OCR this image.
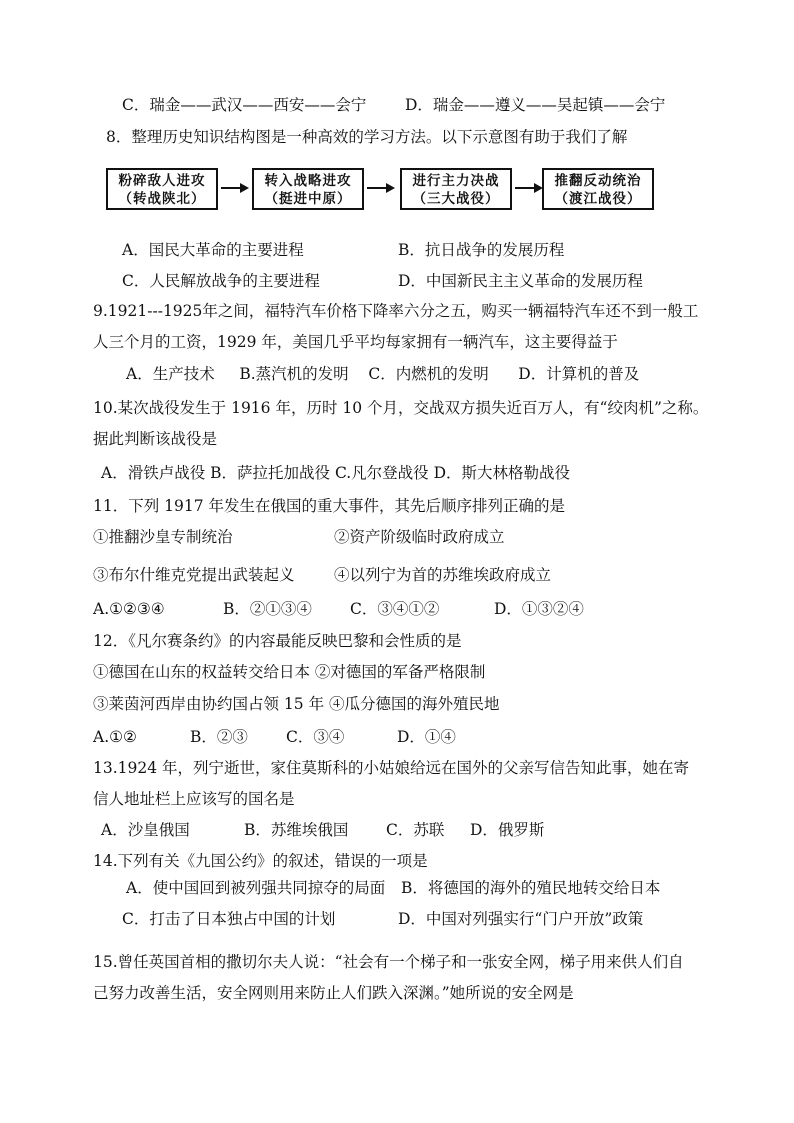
C．瑞金——武汉——西安——会宁 D．瑞金——遵义——吴起镇——会宁
8．整理历史知识结构图是一种高效的学习方法。以下示意图有助于我们了解
粉碎敌人进攻
（转战陕北）
转入战略进攻
（挺进中原）
进行主力决战
（三大战役）
推翻反动统治
（渡江战役）
A．国民大革命的主要进程	B．抗日战争的发展历程
C．人民解放战争的主要进程	D．中国新民主主义革命的发展历程
9.1921---1925年之间，福特汽车价格下降率六分之五，购买一辆福特汽车还不到一般工
人三个月的工资，1929 年，美国几乎平均每家拥有一辆汽车，这主要得益于
A．生产技术     B.蒸汽机的发明    C．内燃机的发明      D．计算机的普及
10.某次战役发生于 1916 年，历时 10 个月，交战双方损失近百万人，有“绞肉机”之称。
据此判断该战役是
A．滑铁卢战役 B．萨拉托加战役 C.凡尔登战役 D．斯大林格勒战役
11．下列 1917 年发生在俄国的重大事件，其先后顺序排列正确的是
①推翻沙皇专制统治	②资产阶级临时政府成立
③布尔什维克党提出武装起义	④以列宁为首的苏维埃政府成立
A.①②③④	B．②①③④ C．③④①②	D．①③②④
12．《凡尔赛条约》的内容最能反映巴黎和会性质的是
①德国在山东的权益转交给日本 ②对德国的军备严格限制
③莱茵河西岸由协约国占领 15 年 ④瓜分德国的海外殖民地
A.①②	B．②③ C．③④	D．①④
13.1924 年，列宁逝世，家住莫斯科的小姑娘给远在国外的父亲写信告知此事，她在寄
信人地址栏上应该写的国名是
A．沙皇俄国	B．苏维埃俄国 C．苏联 D．俄罗斯
14.下列有关《九国公约》的叙述，错误的一项是
A．使中国回到被列强共同掠夺的局面 B．将德国的海外的殖民地转交给日本
C．打击了日本独占中国的计划	D．中国对列强实行“门户开放”政策
15.曾任英国首相的撒切尔夫人说：“社会有一个梯子和一张安全网，梯子用来供人们自
己努力改善生活，安全网则用来防止人们跌入深渊。”她所说的安全网是
